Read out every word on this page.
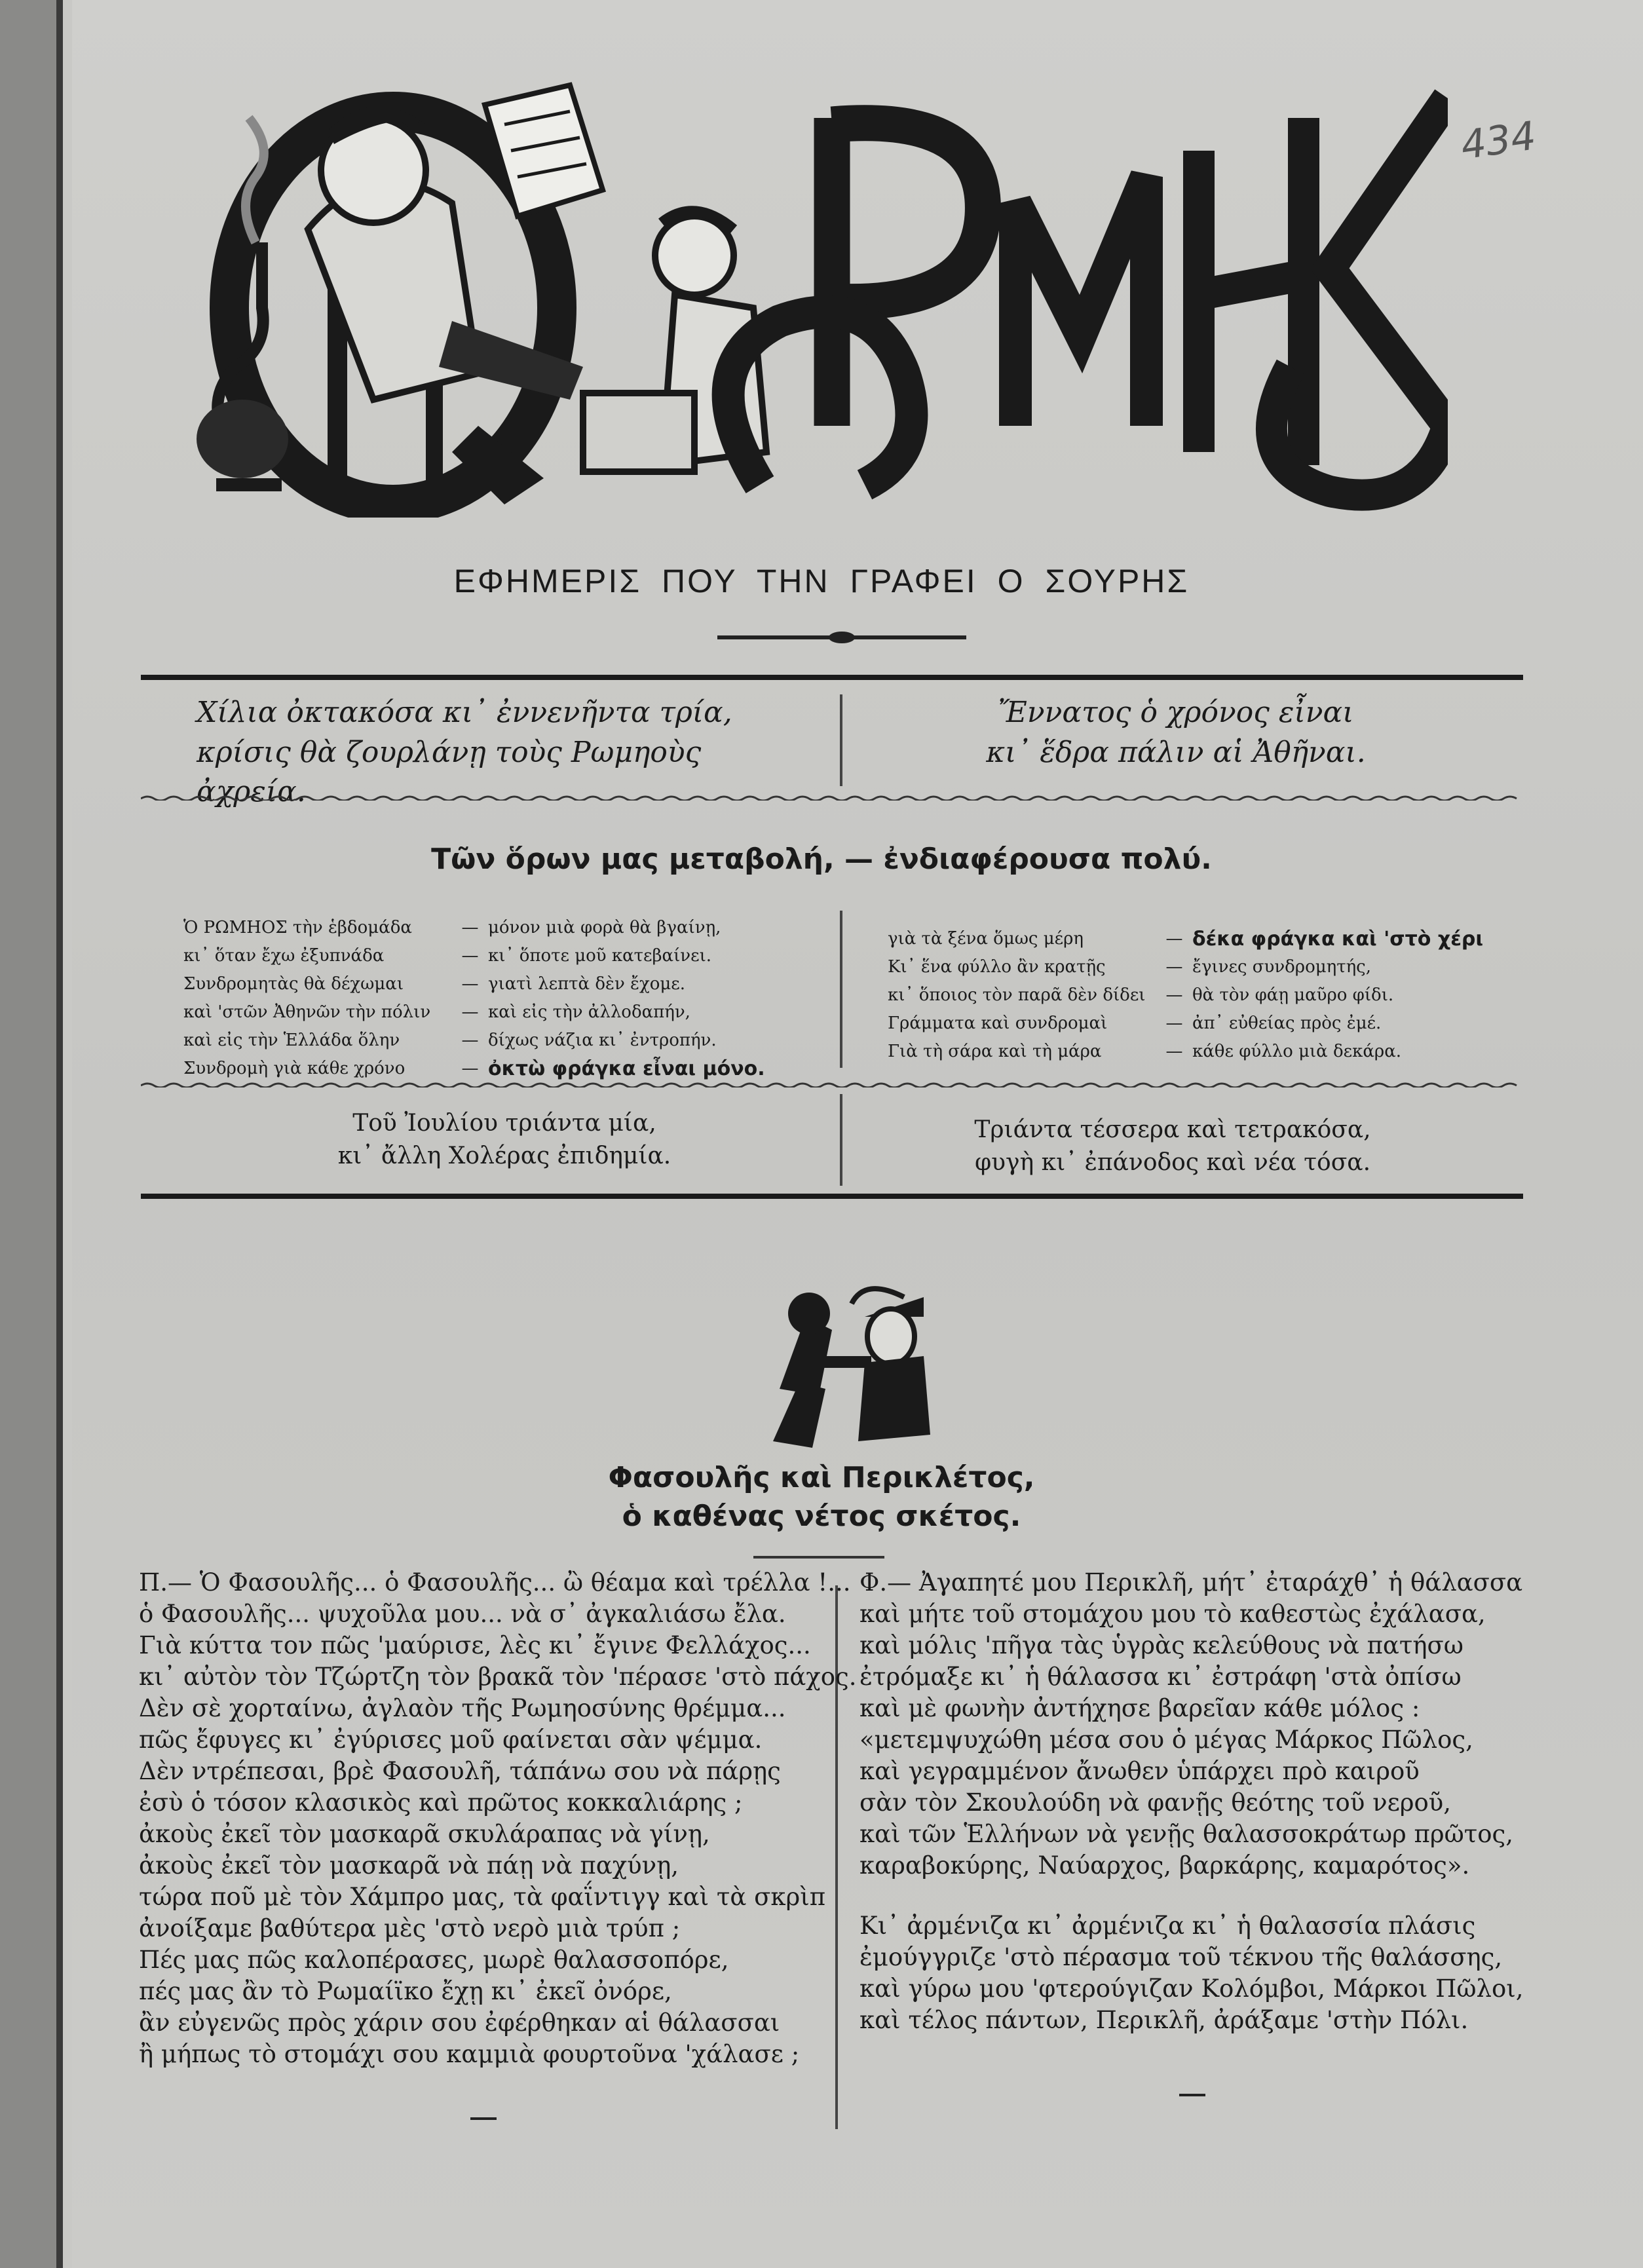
434
ΕΦΗΜΕΡΙΣ ΠΟΥ ΤΗΝ ΓΡΑΦΕΙ Ο ΣΟΥΡΗΣ
Χίλια ὀκτακόσα κι᾽ ἐννενῆντα τρία,
κρίσις θὰ ζουρλάνῃ τοὺς Ρωμηοὺς ἀχρεία.
Ἔννατος ὁ χρόνος εἶναι
κι᾽ ἕδρα πάλιν αἱ Ἀθῆναι.
Τῶν ὅρων μας μεταβολή, — ἐνδιαφέρουσα πολύ.
Ὁ ΡΩΜΗΟΣ τὴν ἑβδομάδα	— μόνον μιὰ φορὰ θὰ βγαίνῃ,
κι᾽ ὅταν ἔχω ἐξυπνάδα	— κι᾽ ὅποτε μοῦ κατεβαίνει.
Συνδρομητὰς θὰ δέχωμαι	— γιατὶ λεπτὰ δὲν ἔχομε.
καὶ 'στῶν Ἀθηνῶν τὴν πόλιν	— καὶ εἰς τὴν ἀλλοδαπήν,
καὶ εἰς τὴν Ἑλλάδα ὅλην	— δίχως νάζια κι᾽ ἐντροπήν.
Συνδρομὴ γιὰ κάθε χρόνο	— ὀκτὼ φράγκα εἶναι μόνο.
γιὰ τὰ ξένα ὅμως μέρη	— δέκα φράγκα καὶ 'στὸ χέρι
Κι᾽ ἕνα φύλλο ἂν κρατῇς	— ἔγινες συνδρομητής,
κι᾽ ὅποιος τὸν παρᾶ δὲν δίδει	— θὰ τὸν φάῃ μαῦρο φίδι.
Γράμματα καὶ συνδρομαὶ	— ἀπ᾽ εὐθείας πρὸς ἐμέ.
Γιὰ τὴ σάρα καὶ τὴ μάρα	— κάθε φύλλο μιὰ δεκάρα.
Τοῦ Ἰουλίου τριάντα μία,
κι᾽ ἄλλη Χολέρας ἐπιδημία.
Τριάντα τέσσερα καὶ τετρακόσα,
φυγὴ κι᾽ ἐπάνοδος καὶ νέα τόσα.
Φασουλῆς καὶ Περικλέτος,
ὁ καθένας νέτος σκέτος.
Π.— Ὁ Φασουλῆς... ὁ Φασουλῆς... ὢ θέαμα καὶ τρέλλα !...
ὁ Φασουλῆς... ψυχοῦλα μου... νὰ σ᾽ ἀγκαλιάσω ἔλα.
Γιὰ κύττα τον πῶς 'μαύρισε, λὲς κι᾽ ἔγινε Φελλάχος...
κι᾽ αὐτὸν τὸν Τζώρτζη τὸν βρακᾶ τὸν 'πέρασε 'στὸ πάχος.
Δὲν σὲ χορταίνω, ἀγλαὸν τῆς Ρωμηοσύνης θρέμμα...
πῶς ἔφυγες κι᾽ ἐγύρισες μοῦ φαίνεται σὰν ψέμμα.
Δὲν ντρέπεσαι, βρὲ Φασουλῆ, τάπάνω σου νὰ πάρῃς
ἐσὺ ὁ τόσον κλασικὸς καὶ πρῶτος κοκκαλιάρης ;
ἀκοὺς ἐκεῖ τὸν μασκαρᾶ σκυλάραπας νὰ γίνῃ,
ἀκοὺς ἐκεῖ τὸν μασκαρᾶ νὰ πάῃ νὰ παχύνῃ,
τώρα ποῦ μὲ τὸν Χάμπρο μας, τὰ φαΐντιγγ καὶ τὰ σκρὶπ
ἀνοίξαμε βαθύτερα μὲς 'στὸ νερὸ μιὰ τρύπ ;
Πές μας πῶς καλοπέρασες, μωρὲ θαλασσοπόρε,
πές μας ἂν τὸ Ρωμαίϊκο ἔχῃ κι᾽ ἐκεῖ ὀνόρε,
ἂν εὐγενῶς πρὸς χάριν σου ἐφέρθηκαν αἱ θάλασσαι
ἢ μήπως τὸ στομάχι σου καμμιὰ φουρτοῦνα 'χάλασε ;
Φ.— Ἀγαπητέ μου Περικλῆ, μήτ᾽ ἐταράχθ᾽ ἡ θάλασσα
καὶ μήτε τοῦ στομάχου μου τὸ καθεστὼς ἐχάλασα,
καὶ μόλις 'πῆγα τὰς ὑγρὰς κελεύθους νὰ πατήσω
ἐτρόμαξε κι᾽ ἡ θάλασσα κι᾽ ἐστράφη 'στὰ ὀπίσω
καὶ μὲ φωνὴν ἀντήχησε βαρεῖαν κάθε μόλος :
«μετεμψυχώθη μέσα σου ὁ μέγας Μάρκος Πῶλος,
καὶ γεγραμμένον ἄνωθεν ὑπάρχει πρὸ καιροῦ
σὰν τὸν Σκουλούδη νὰ φανῇς θεότης τοῦ νεροῦ,
καὶ τῶν Ἑλλήνων νὰ γενῇς θαλασσοκράτωρ πρῶτος,
καραβοκύρης, Ναύαρχος, βαρκάρης, καμαρότος».
Κι᾽ ἀρμένιζα κι᾽ ἀρμένιζα κι᾽ ἡ θαλασσία πλάσις
ἐμούγγριζε 'στὸ πέρασμα τοῦ τέκνου τῆς θαλάσσης,
καὶ γύρω μου 'φτερούγιζαν Κολόμβοι, Μάρκοι Πῶλοι,
καὶ τέλος πάντων, Περικλῆ, ἀράξαμε 'στὴν Πόλι.
